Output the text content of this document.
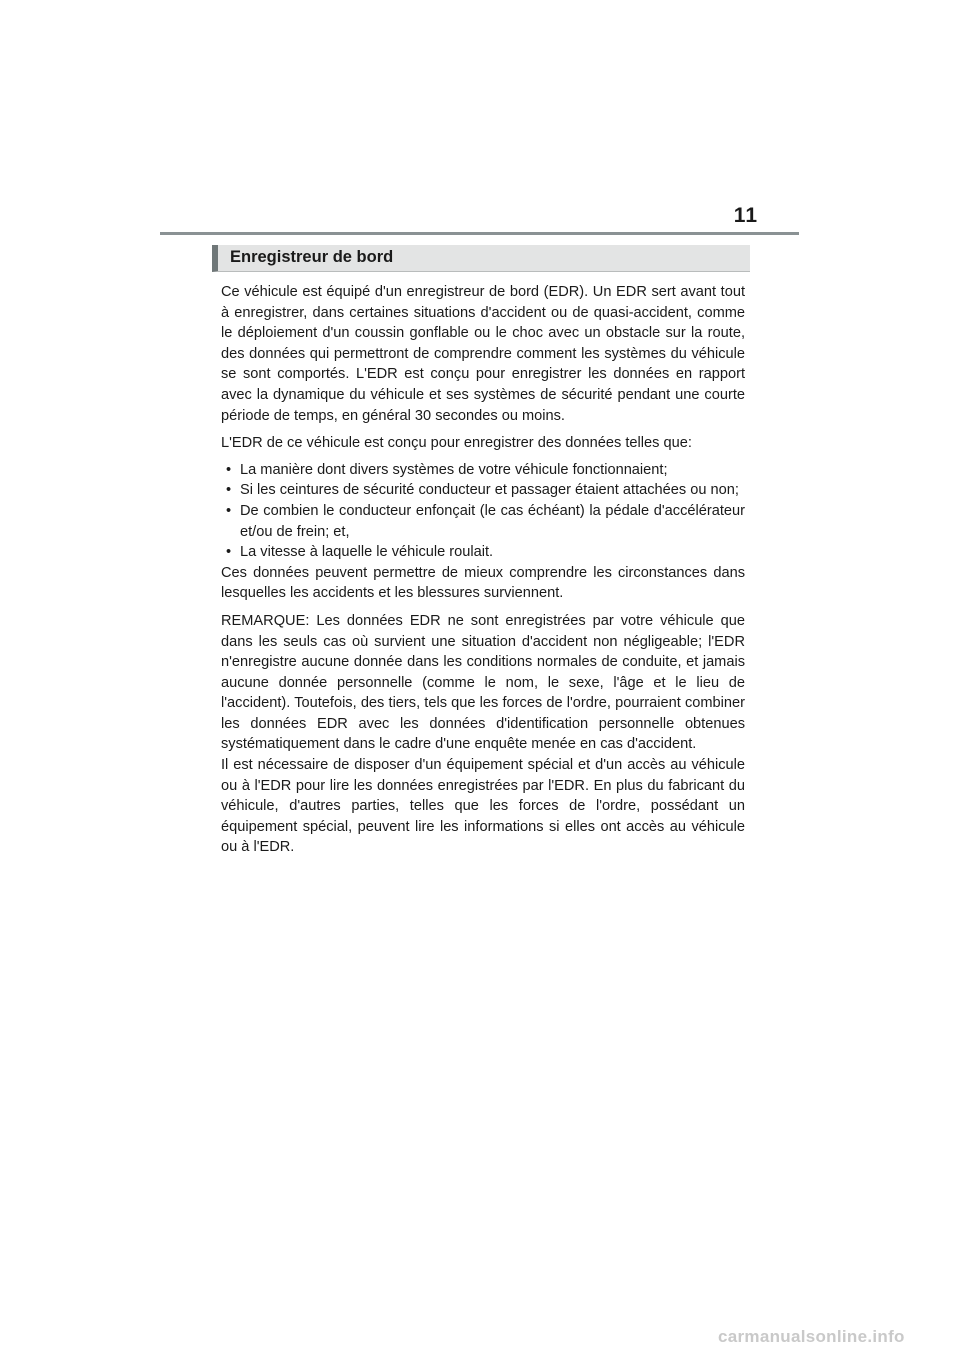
11
Enregistreur de bord

Ce véhicule est équipé d'un enregistreur de bord (EDR). Un EDR sert avant tout à enregistrer, dans certaines situations d'accident ou de quasi-accident, comme le déploiement d'un coussin gonflable ou le choc avec un obstacle sur la route, des données qui permettront de comprendre comment les systèmes du véhicule se sont comportés. L'EDR est conçu pour enregistrer les données en rapport avec la dynamique du véhicule et ses systèmes de sécurité pendant une courte période de temps, en général 30 secondes ou moins.

L'EDR de ce véhicule est conçu pour enregistrer des données telles que:

• La manière dont divers systèmes de votre véhicule fonctionnaient;
• Si les ceintures de sécurité conducteur et passager étaient attachées ou non;
• De combien le conducteur enfonçait (le cas échéant) la pédale d'accélérateur et/ou de frein; et,
• La vitesse à laquelle le véhicule roulait.

Ces données peuvent permettre de mieux comprendre les circonstances dans lesquelles les accidents et les blessures surviennent.

REMARQUE: Les données EDR ne sont enregistrées par votre véhicule que dans les seuls cas où survient une situation d'accident non négligeable; l'EDR n'enregistre aucune donnée dans les conditions normales de conduite, et jamais aucune donnée personnelle (comme le nom, le sexe, l'âge et le lieu de l'accident). Toutefois, des tiers, tels que les forces de l'ordre, pourraient combiner les données EDR avec les données d'identification personnelle obtenues systématiquement dans le cadre d'une enquête menée en cas d'accident.

Il est nécessaire de disposer d'un équipement spécial et d'un accès au véhicule ou à l'EDR pour lire les données enregistrées par l'EDR. En plus du fabricant du véhicule, d'autres parties, telles que les forces de l'ordre, possédant un équipement spécial, peuvent lire les informations si elles ont accès au véhicule ou à l'EDR.

carmanualsonline.info
